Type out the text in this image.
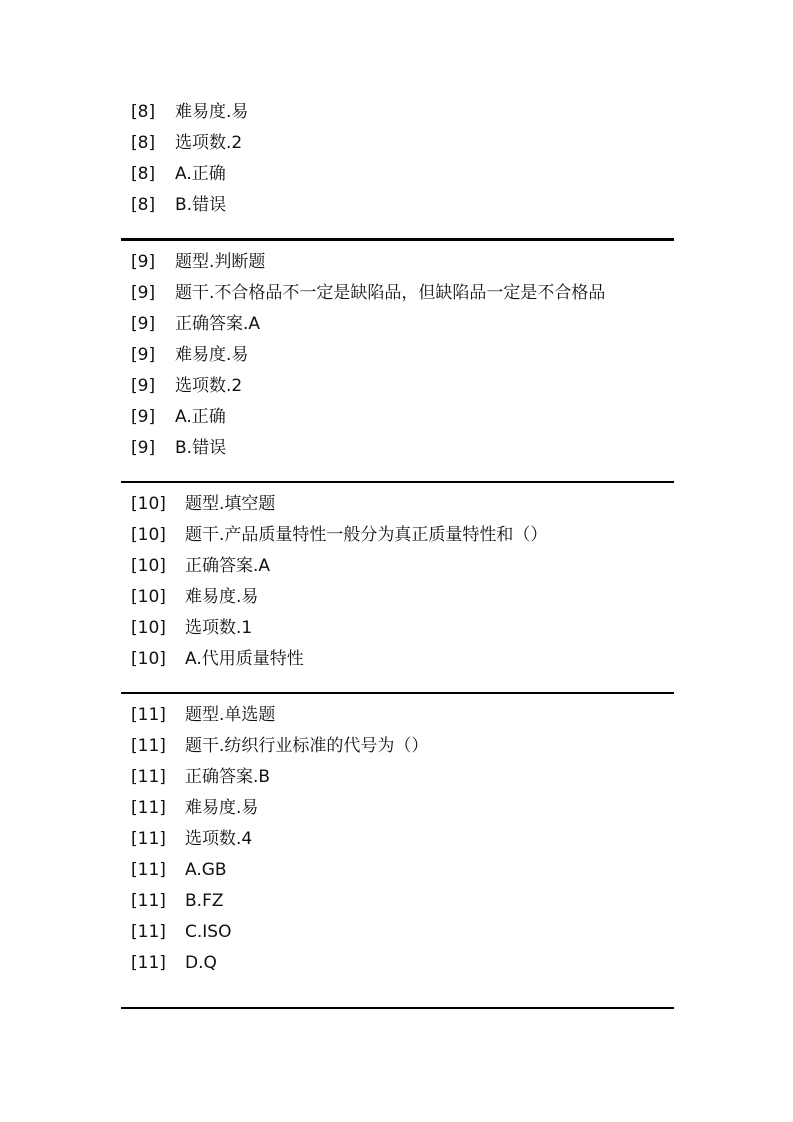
[8]	难易度.易
[8]	选项数.2
[8]	A.正确
[8]	B.错误
[9]	题型.判断题
[9]	题干.不合格品不一定是缺陷品，但缺陷品一定是不合格品
[9]	正确答案.A
[9]	难易度.易
[9]	选项数.2
[9]	A.正确
[9]	B.错误
[10]	题型.填空题
[10]	题干.产品质量特性一般分为真正质量特性和（）
[10]	正确答案.A
[10]	难易度.易
[10]	选项数.1
[10]	A.代用质量特性
[11]	题型.单选题
[11]	题干.纺织行业标准的代号为（）
[11]	正确答案.B
[11]	难易度.易
[11]	选项数.4
[11]	A.GB
[11]	B.FZ
[11]	C.ISO
[11]	D.Q
